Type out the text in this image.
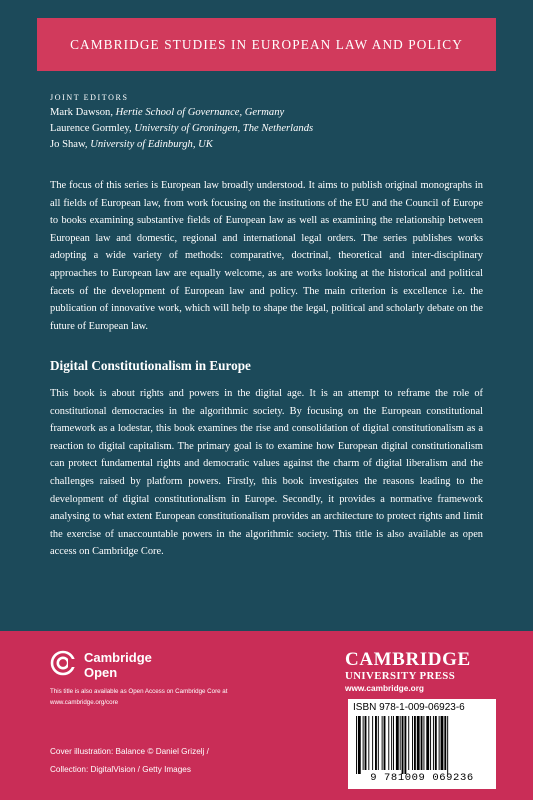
CAMBRIDGE STUDIES IN EUROPEAN LAW AND POLICY
JOINT EDITORS
Mark Dawson, Hertie School of Governance, Germany
Laurence Gormley, University of Groningen, The Netherlands
Jo Shaw, University of Edinburgh, UK
The focus of this series is European law broadly understood. It aims to publish original monographs in all fields of European law, from work focusing on the institutions of the EU and the Council of Europe to books examining substantive fields of European law as well as examining the relationship between European law and domestic, regional and international legal orders. The series publishes works adopting a wide variety of methods: comparative, doctrinal, theoretical and inter-disciplinary approaches to European law are equally welcome, as are works looking at the historical and political facets of the development of European law and policy. The main criterion is excellence i.e. the publication of innovative work, which will help to shape the legal, political and scholarly debate on the future of European law.
Digital Constitutionalism in Europe
This book is about rights and powers in the digital age. It is an attempt to reframe the role of constitutional democracies in the algorithmic society. By focusing on the European constitutional framework as a lodestar, this book examines the rise and consolidation of digital constitutionalism as a reaction to digital capitalism. The primary goal is to examine how European digital constitutionalism can protect fundamental rights and democratic values against the charm of digital liberalism and the challenges raised by platform powers. Firstly, this book investigates the reasons leading to the development of digital constitutionalism in Europe. Secondly, it provides a normative framework analysing to what extent European constitutionalism provides an architecture to protect rights and limit the exercise of unaccountable powers in the algorithmic society. This title is also available as open access on Cambridge Core.
Cambridge
Open
This title is also available as Open Access on Cambridge Core at www.cambridge.org/core
Cover illustration: Balance © Daniel Grizelj /
Collection: DigitalVision / Getty Images
CAMBRIDGE
UNIVERSITY PRESS
www.cambridge.org
ISBN 978-1-009-06923-6
9 781009 069236
